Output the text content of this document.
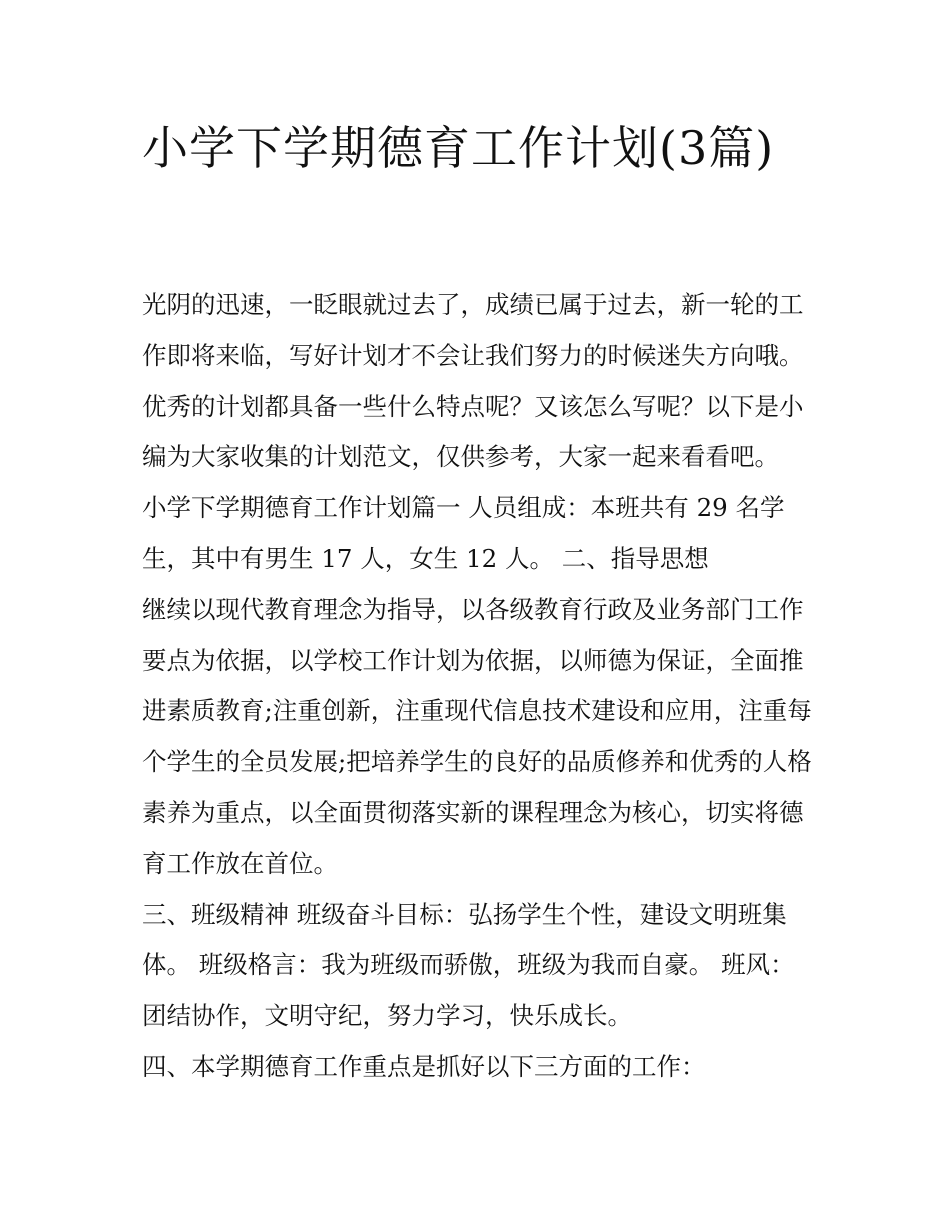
小学下学期德育工作计划(3篇)

光阴的迅速，一眨眼就过去了，成绩已属于过去，新一轮的工作即将来临，写好计划才不会让我们努力的时候迷失方向哦。优秀的计划都具备一些什么特点呢？又该怎么写呢？以下是小编为大家收集的计划范文，仅供参考，大家一起来看看吧。

小学下学期德育工作计划篇一 人员组成：本班共有 29 名学生，其中有男生 17 人，女生 12 人。 二、指导思想

继续以现代教育理念为指导，以各级教育行政及业务部门工作要点为依据，以学校工作计划为依据，以师德为保证，全面推进素质教育;注重创新，注重现代信息技术建设和应用，注重每个学生的全员发展;把培养学生的良好的品质修养和优秀的人格素养为重点，以全面贯彻落实新的课程理念为核心，切实将德育工作放在首位。

三、班级精神 班级奋斗目标：弘扬学生个性，建设文明班集体。 班级格言：我为班级而骄傲，班级为我而自豪。 班风：团结协作，文明守纪，努力学习，快乐成长。

四、本学期德育工作重点是抓好以下三方面的工作：
